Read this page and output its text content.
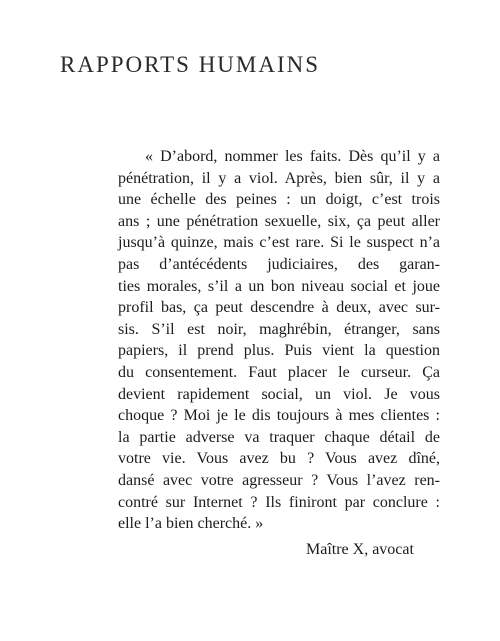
RAPPORTS HUMAINS
« D’abord, nommer les faits. Dès qu’il y a
pénétration, il y a viol. Après, bien sûr, il y a
une échelle des peines : un doigt, c’est trois
ans ; une pénétration sexuelle, six, ça peut aller
jusqu’à quinze, mais c’est rare. Si le suspect n’a
pas d’antécédents judiciaires, des garan-
ties morales, s’il a un bon niveau social et joue
profil bas, ça peut descendre à deux, avec sur-
sis. S’il est noir, maghrébin, étranger, sans
papiers, il prend plus. Puis vient la question
du consentement. Faut placer le curseur. Ça
devient rapidement social, un viol. Je vous
choque ? Moi je le dis toujours à mes clientes :
la partie adverse va traquer chaque détail de
votre vie. Vous avez bu ? Vous avez dîné,
dansé avec votre agresseur ? Vous l’avez ren-
contré sur Internet ? Ils finiront par conclure :
elle l’a bien cherché. »

Maître X, avocat
